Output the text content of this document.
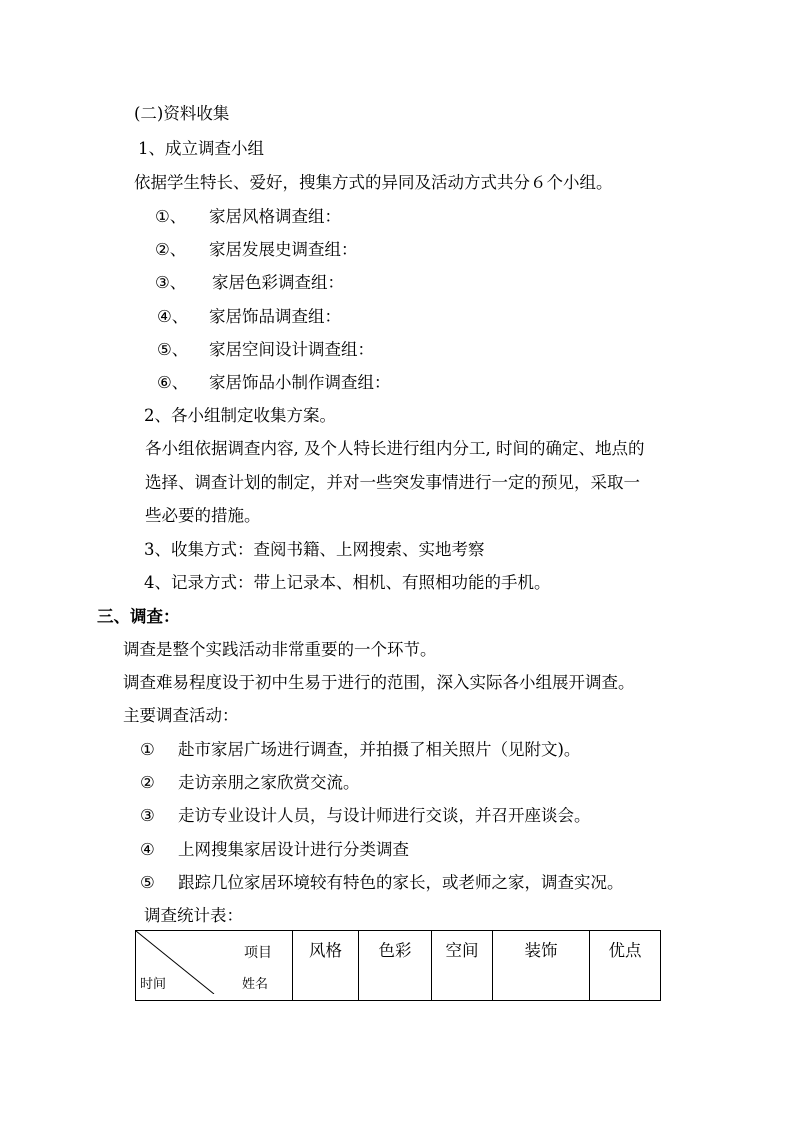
(二)资料收集
1、成立调查小组
依据学生特长、爱好，搜集方式的异同及活动方式共分６个小组。
①、 家居风格调查组：
②、 家居发展史调查组：
③、 家居色彩调查组：
④、 家居饰品调查组：
⑤、 家居空间设计调查组：
⑥、 家居饰品小制作调查组：
2、各小组制定收集方案。
各小组依据调查内容, 及个人特长进行组内分工, 时间的确定、地点的
选择、调查计划的制定，并对一些突发事情进行一定的预见，采取一
些必要的措施。
3、收集方式：查阅书籍、上网搜索、实地考察
4、记录方式：带上记录本、相机、有照相功能的手机。
三、调查：
调查是整个实践活动非常重要的一个环节。
调查难易程度设于初中生易于进行的范围，深入实际各小组展开调查。
主要调查活动：
① 赴市家居广场进行调查，并拍摄了相关照片（见附文)。
② 走访亲朋之家欣赏交流。
③ 走访专业设计人员，与设计师进行交谈，并召开座谈会。
④ 上网搜集家居设计进行分类调查
⑤ 跟踪几位家居环境较有特色的家长，或老师之家，调查实况。
调查统计表：
项目
时间	姓名
	风格	色彩	空间	装饰	优点
